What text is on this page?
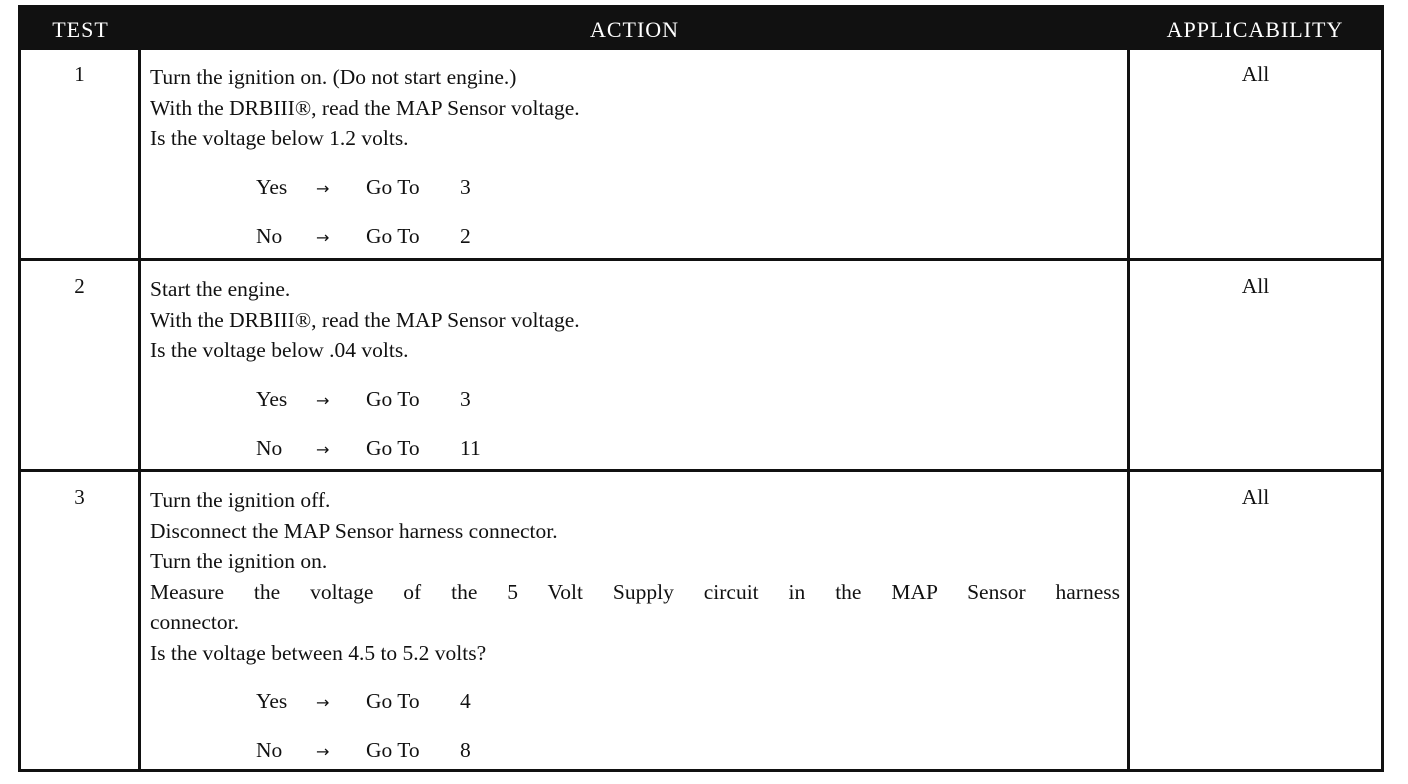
TEST	ACTION	APPLICABILITY
1	Turn the ignition on. (Do not start engine.)
With the DRBIII®, read the MAP Sensor voltage.
Is the voltage below 1.2 volts.
Yes → Go To 3
No → Go To 2
All
2	Start the engine.
With the DRBIII®, read the MAP Sensor voltage.
Is the voltage below .04 volts.
Yes → Go To 3
No → Go To 11
All
3	Turn the ignition off.
Disconnect the MAP Sensor harness connector.
Turn the ignition on.
Measure the voltage of the 5 Volt Supply circuit in the MAP Sensor harness
connector.
Is the voltage between 4.5 to 5.2 volts?
Yes → Go To 4
No → Go To 8
All
